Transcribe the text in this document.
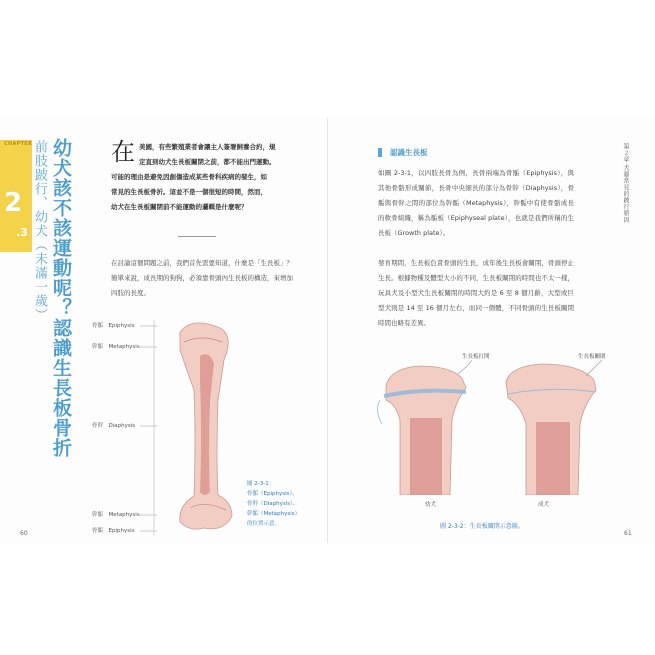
CHAPTER
2
.3 前肢跛行、幼犬（未滿一歲） 幼犬該不該運動呢？認識生長板骨折 在 美國，有些繁殖業者會讓主人簽署飼養合約，規

定直到幼犬生長板關閉之前，都不能出門運動。

可能的理由是避免因創傷造成某些骨科疾病的發生，如

常見的生長板骨折。這並不是一個很短的時間，然而，

幼犬在生長板關閉前不能運動的邏輯是什麼呢？

在討論這個問題之前，我們首先需要知道，什麼是「生長板」？簡單來說，成長期的狗狗，必須靠骨頭內生長板的構造，來增加四肢的長度。

骨骺　 Epiphysis
幹骺　 Metaphysis
骨幹　 Diaphysis
幹骺　 Metaphysis
骨骺　 Epiphysis

圖 2-3-1：

骨骺（Epiphysis）、

骨幹（Diaphysis）、

幹骺（Metaphysis）

的位置示意。

60
認識生長板	第２章 犬貓常見的跛行原因

如圖 2-3-1，以四肢長骨為例，長骨兩端為骨骺（Epiphysis），與其他骨骼形成關節，長骨中央細長的部分為骨幹（Diaphysis），骨骺與骨幹之間的部位為幹骺（Metaphysis），幹骺中有使骨骼成長的軟骨組織，稱為骺板（Epiphyseal plate），也就是我們所稱的生長板（Growth plate）。

發育期間，生長板負責骨頭的生長，成年後生長板會關閉，骨頭停止生長。根據物種及體型大小的不同，生長板關閉的時間也不太一樣，玩具犬及小型犬生長板關閉的時間大約是 6 至 8 個月齡，大型或巨型犬則是 14 至 16 個月左右，而同一個體，不同骨頭的生長板關閉時間也略有差異。

生長板打開	生長板關閉
幼犬	成犬
圖 2-3-2：生長板關閉示意圖。
61
